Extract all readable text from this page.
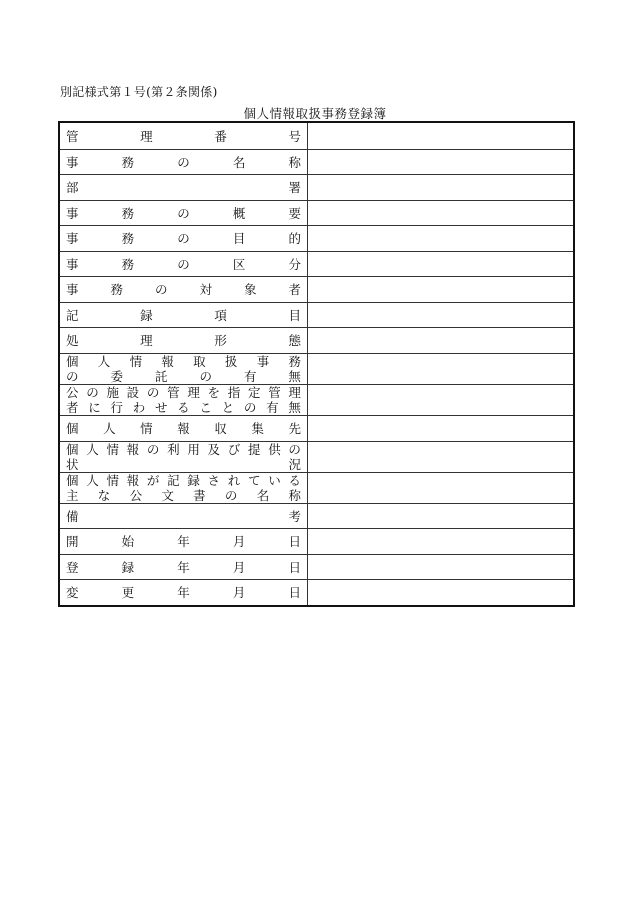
別記様式第１号(第２条関係)
個人情報取扱事務登録簿
管	理	番	号
事	務	の	名	称
部	署
事	務	の	概	要
事	務	の	目	的
事	務	の	区	分
事	務	の	対	象	者
記	録	項	目
処	理	形	態
個 人 情 報 取 扱 事 務
の	委	託	の	有	無
公 の 施 設 の 管 理 を 指 定 管 理
者 に 行 わ せ る こ と の 有 無
個 人 情 報 収 集 先
個 人 情 報 の 利 用 及 び 提 供 の
状	況
個 人 情 報 が 記 録 さ れ て い る
主 な 公 文 書 の 名 称
備	考
開	始	年	月	日
登	録	年	月	日
変	更	年	月	日
